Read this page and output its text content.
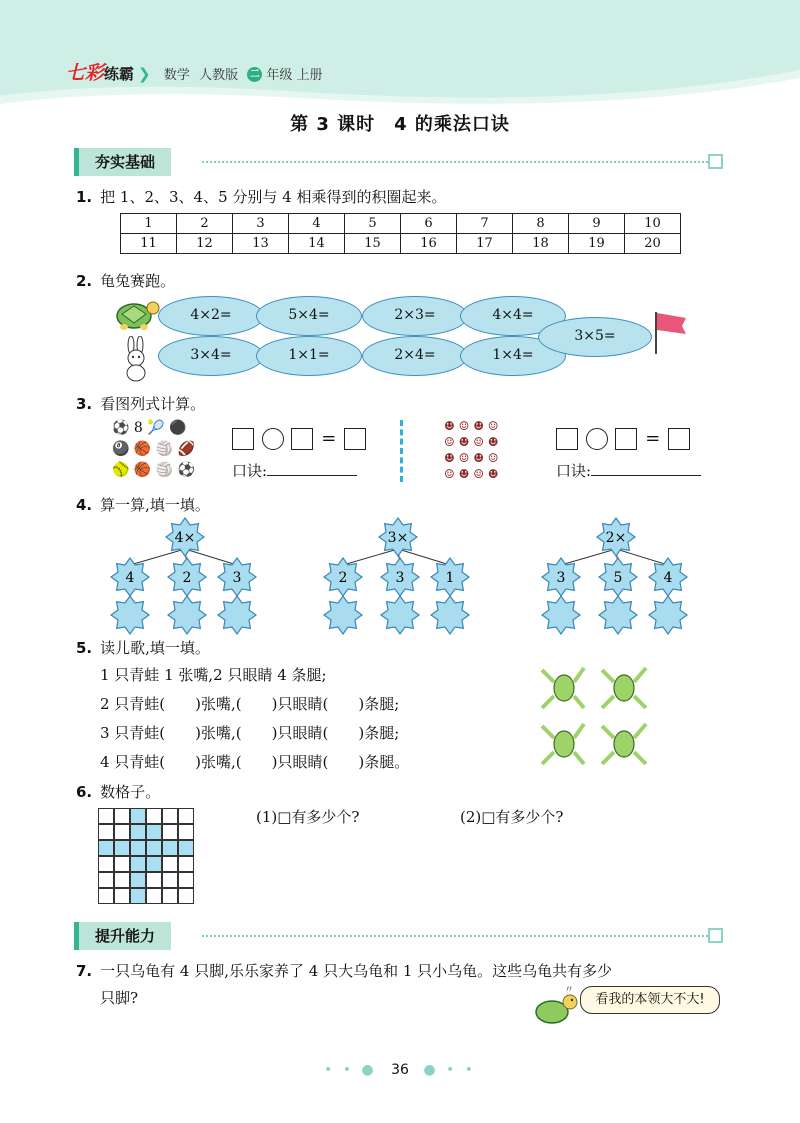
七彩练霸 ❯ 数学 人教版 二 年级 上册
第 3 课时　4 的乘法口诀
夯实基础
1. 把 1、2、3、4、5 分别与 4 相乘得到的积圈起来。
1	2	3	4	5	6	7	8	9	10
11	12	13	14	15	16	17	18	19	20
2. 龟兔赛跑。
4×2=	5×4=	2×3=	4×4=
3×4=	1×1=	2×4=	1×4=
3×5=
3. 看图列式计算。
⚽ 8 🎾 ⚫
🎱 🏀 🏐 🏈
🥎 🏀 🏐 ⚽
=
口诀:
☻ ☺ ☻ ☺
☺ ☻ ☺ ☻
☻ ☺ ☻ ☺
☺ ☻ ☺ ☻
=
口诀:
4. 算一算,填一填。
4×
4	2	3
3×
2	3	1
2×
3	5	4
5. 读儿歌,填一填。
1 只青蛙 1 张嘴,2 只眼睛 4 条腿;
2 只青蛙(　　)张嘴,(　　)只眼睛(　　)条腿;
3 只青蛙(　　)张嘴,(　　)只眼睛(　　)条腿;
4 只青蛙(　　)张嘴,(　　)只眼睛(　　)条腿。
6. 数格子。
(1)□有多少个?	(2)□有多少个?
提升能力
7. 一只乌龟有 4 只脚,乐乐家养了 4 只大乌龟和 1 只小乌龟。这些乌龟共有多少
只脚?	〃
看我的本领大不大!
• • ● 36 ● • •
